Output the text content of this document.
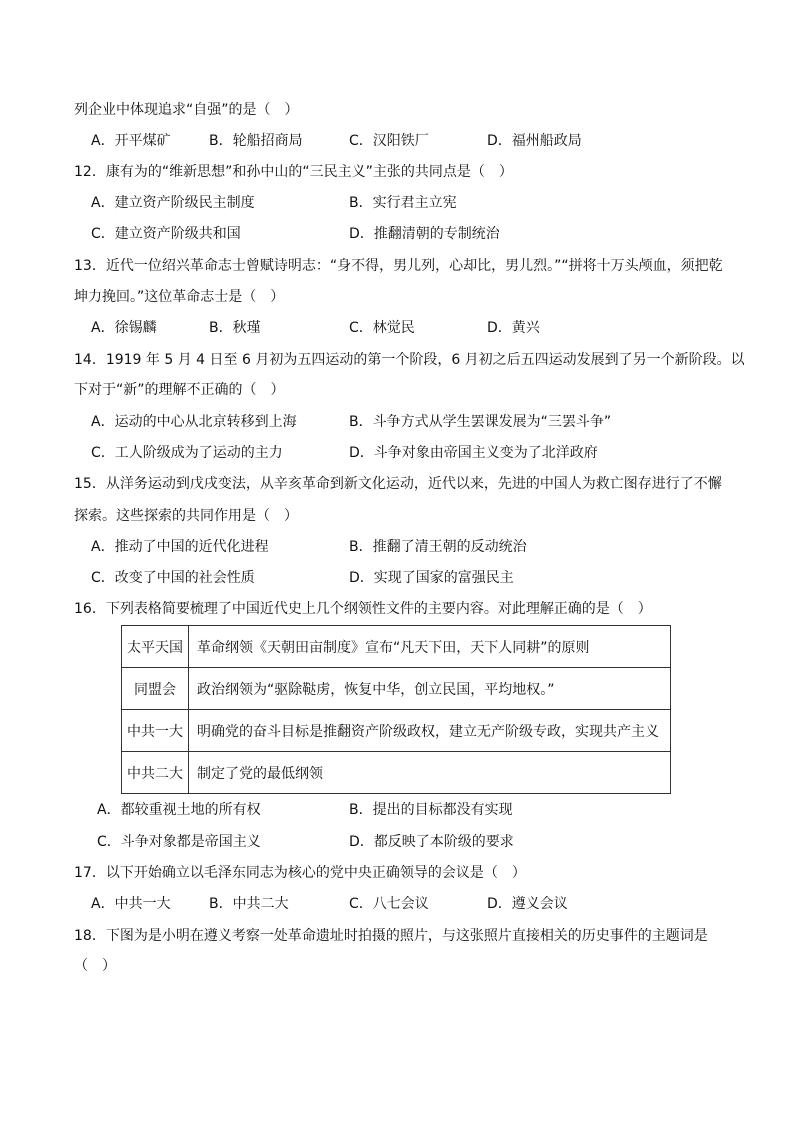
列企业中体现追求“自强”的是（　）
A．开平煤矿	B．轮船招商局	C．汉阳铁厂	D．福州船政局
12．康有为的“维新思想”和孙中山的“三民主义”主张的共同点是（　）
A．建立资产阶级民主制度	B．实行君主立宪
C．建立资产阶级共和国	D．推翻清朝的专制统治
13．近代一位绍兴革命志士曾赋诗明志：“身不得，男儿列，心却比，男儿烈。”“拼将十万头颅血，须把乾
坤力挽回。”这位革命志士是（　）
A．徐锡麟	B．秋瑾	C．林觉民	D．黄兴
14．1919 年 5 月 4 日至 6 月初为五四运动的第一个阶段，6 月初之后五四运动发展到了另一个新阶段。以
下对于“新”的理解不正确的（　）
A．运动的中心从北京转移到上海	B．斗争方式从学生罢课发展为“三罢斗争”
C．工人阶级成为了运动的主力	D．斗争对象由帝国主义变为了北洋政府
15．从洋务运动到戊戌变法，从辛亥革命到新文化运动，近代以来，先进的中国人为救亡图存进行了不懈
探索。这些探索的共同作用是（　）
A．推动了中国的近代化进程	B．推翻了清王朝的反动统治
C．改变了中国的社会性质	D．实现了国家的富强民主
16．下列表格简要梳理了中国近代史上几个纲领性文件的主要内容。对此理解正确的是（　）
太平天国	革命纲领《天朝田亩制度》宣布“凡天下田，天下人同耕”的原则
同盟会	政治纲领为“驱除鞑虏，恢复中华，创立民国，平均地权。”
中共一大	明确党的奋斗目标是推翻资产阶级政权，建立无产阶级专政，实现共产主义
中共二大	制定了党的最低纲领
A．都较重视土地的所有权	B．提出的目标都没有实现
C．斗争对象都是帝国主义	D．都反映了本阶级的要求
17．以下开始确立以毛泽东同志为核心的党中央正确领导的会议是（　）
A．中共一大	B．中共二大	C．八七会议	D．遵义会议
18．下图为是小明在遵义考察一处革命遗址时拍摄的照片，与这张照片直接相关的历史事件的主题词是
（　）
